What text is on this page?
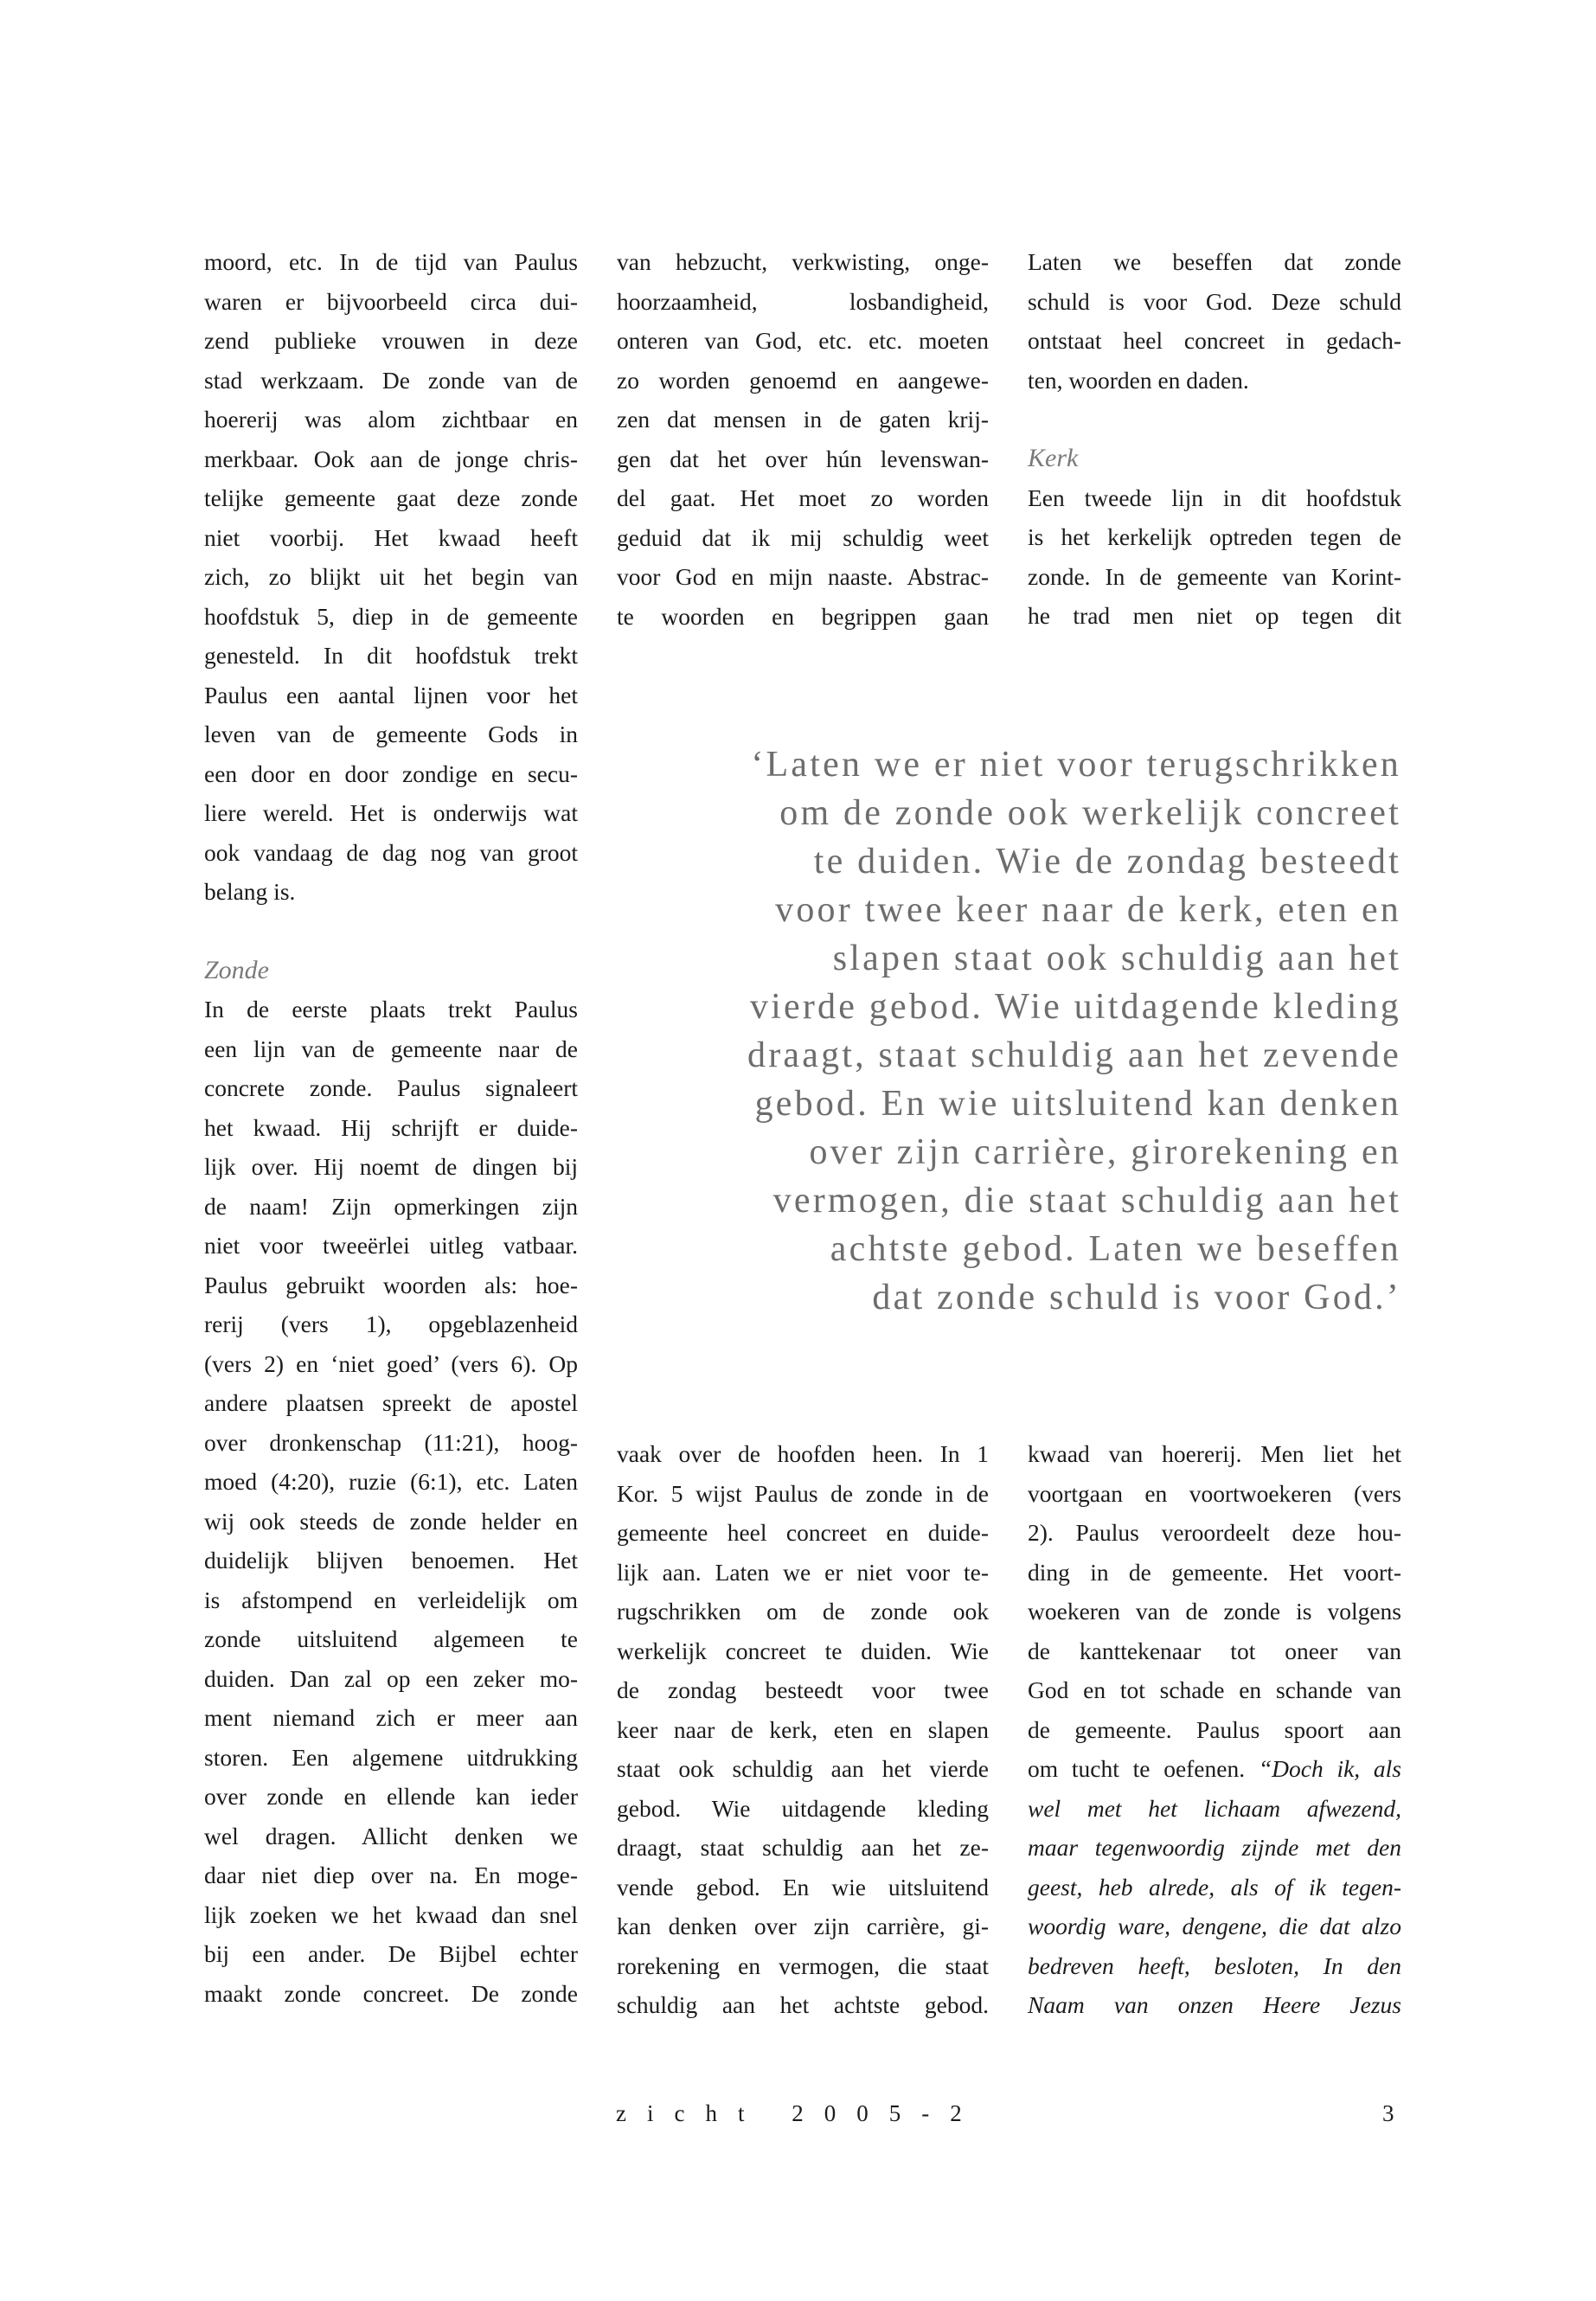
moord, etc. In de tijd van Paulus
waren er bijvoorbeeld circa dui-
zend publieke vrouwen in deze
stad werkzaam. De zonde van de
hoererij was alom zichtbaar en
merkbaar. Ook aan de jonge chris-
telijke gemeente gaat deze zonde
niet voorbij. Het kwaad heeft
zich, zo blijkt uit het begin van
hoofdstuk 5, diep in de gemeente
genesteld. In dit hoofdstuk trekt
Paulus een aantal lijnen voor het
leven van de gemeente Gods in
een door en door zondige en secu-
liere wereld. Het is onderwijs wat
ook vandaag de dag nog van groot
belang is.
Zonde
In de eerste plaats trekt Paulus
een lijn van de gemeente naar de
concrete zonde. Paulus signaleert
het kwaad. Hij schrijft er duide-
lijk over. Hij noemt de dingen bij
de naam! Zijn opmerkingen zijn
niet voor tweeërlei uitleg vatbaar.
Paulus gebruikt woorden als: hoe-
rerij (vers 1), opgeblazenheid
(vers 2) en ‘niet goed’ (vers 6). Op
andere plaatsen spreekt de apostel
over dronkenschap (11:21), hoog-
moed (4:20), ruzie (6:1), etc. Laten
wij ook steeds de zonde helder en
duidelijk blijven benoemen. Het
is afstompend en verleidelijk om
zonde uitsluitend algemeen te
duiden. Dan zal op een zeker mo-
ment niemand zich er meer aan
storen. Een algemene uitdrukking
over zonde en ellende kan ieder
wel dragen. Allicht denken we
daar niet diep over na. En moge-
lijk zoeken we het kwaad dan snel
bij een ander. De Bijbel echter
maakt zonde concreet. De zonde
van hebzucht, verkwisting, onge-
hoorzaamheid, losbandigheid,
onteren van God, etc. etc. moeten
zo worden genoemd en aangewe-
zen dat mensen in de gaten krij-
gen dat het over hún levenswan-
del gaat. Het moet zo worden
geduid dat ik mij schuldig weet
voor God en mijn naaste. Abstrac-
te woorden en begrippen gaan
Laten we beseffen dat zonde
schuld is voor God. Deze schuld
ontstaat heel concreet in gedach-
ten, woorden en daden.
Kerk
Een tweede lijn in dit hoofdstuk
is het kerkelijk optreden tegen de
zonde. In de gemeente van Korint-
he trad men niet op tegen dit
‘Laten we er niet voor terugschrikken
om de zonde ook werkelijk concreet
te duiden. Wie de zondag besteedt
voor twee keer naar de kerk, eten en
slapen staat ook schuldig aan het
vierde gebod. Wie uitdagende kleding
draagt, staat schuldig aan het zevende
gebod. En wie uitsluitend kan denken
over zijn carrière, girorekening en
vermogen, die staat schuldig aan het
achtste gebod. Laten we beseffen
dat zonde schuld is voor God.’
vaak over de hoofden heen. In 1
Kor. 5 wijst Paulus de zonde in de
gemeente heel concreet en duide-
lijk aan. Laten we er niet voor te-
rugschrikken om de zonde ook
werkelijk concreet te duiden. Wie
de zondag besteedt voor twee
keer naar de kerk, eten en slapen
staat ook schuldig aan het vierde
gebod. Wie uitdagende kleding
draagt, staat schuldig aan het ze-
vende gebod. En wie uitsluitend
kan denken over zijn carrière, gi-
rorekening en vermogen, die staat
schuldig aan het achtste gebod.
kwaad van hoererij. Men liet het
voortgaan en voortwoekeren (vers
2). Paulus veroordeelt deze hou-
ding in de gemeente. Het voort-
woekeren van de zonde is volgens
de kanttekenaar tot oneer van
God en tot schade en schande van
de gemeente. Paulus spoort aan
om tucht te oefenen. “Doch ik, als
wel met het lichaam afwezend,
maar tegenwoordig zijnde met den
geest, heb alrede, als of ik tegen-
woordig ware, dengene, die dat alzo
bedreven heeft, besloten, In den
Naam van onzen Heere Jezus
zicht 2005-2	3
